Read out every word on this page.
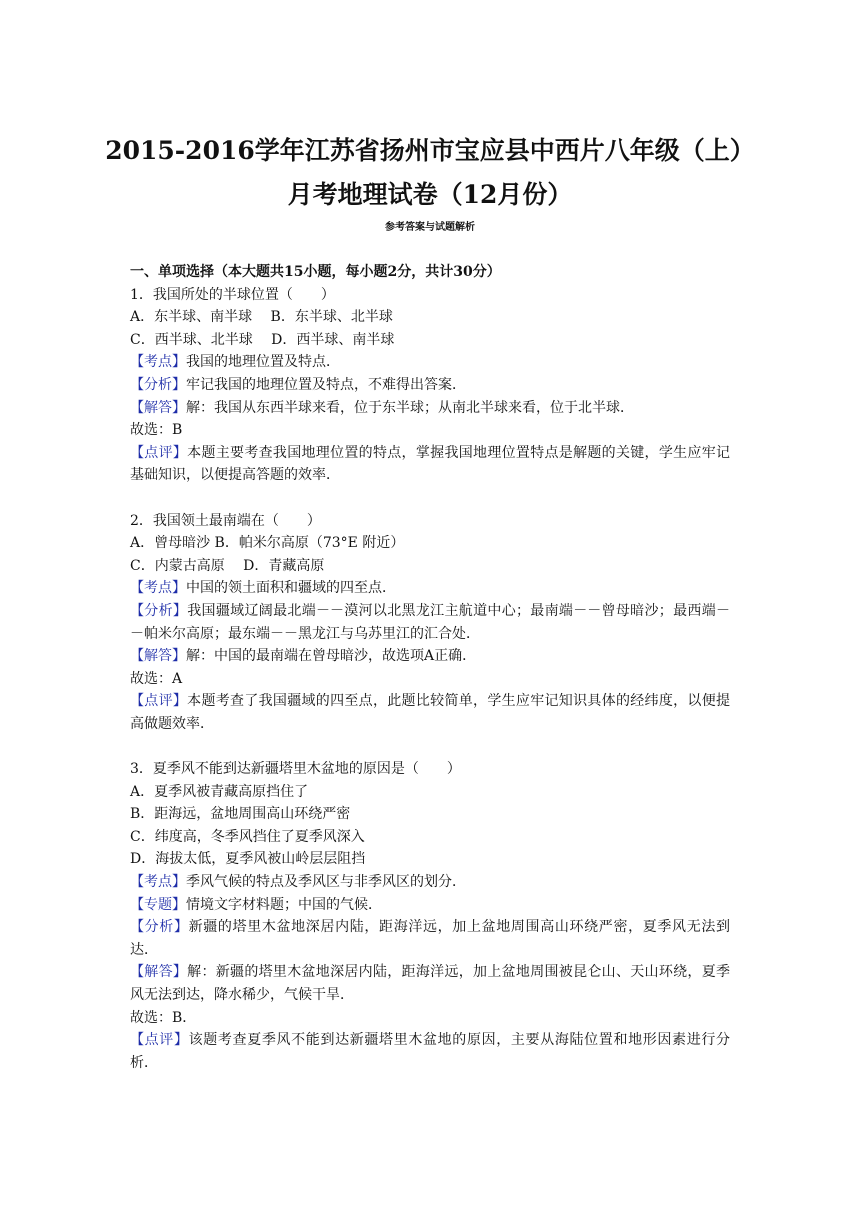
2015-2016学年江苏省扬州市宝应县中西片八年级（上）
月考地理试卷（12月份）

参考答案与试题解析

一、单项选择（本大题共15小题，每小题2分，共计30分）

1．我国所处的半球位置（　　）

A．东半球、南半球　 B．东半球、北半球

C．西半球、北半球　 D．西半球、南半球

【考点】我国的地理位置及特点．

【分析】牢记我国的地理位置及特点，不难得出答案．

【解答】解：我国从东西半球来看，位于东半球；从南北半球来看，位于北半球．

故选：B

【点评】本题主要考查我国地理位置的特点，掌握我国地理位置特点是解题的关键，学生应牢记基础知识，以便提高答题的效率．

2．我国领土最南端在（　　）

A．曾母暗沙 B．帕米尔高原（73°E 附近）

C．内蒙古高原　 D．青藏高原

【考点】中国的领土面积和疆域的四至点．

【分析】我国疆域辽阔最北端－－漠河以北黑龙江主航道中心；最南端－－曾母暗沙；最西端－－帕米尔高原；最东端－－黑龙江与乌苏里江的汇合处．

【解答】解：中国的最南端在曾母暗沙，故选项A正确．

故选：A

【点评】本题考查了我国疆域的四至点，此题比较简单，学生应牢记知识具体的经纬度，以便提高做题效率．

3．夏季风不能到达新疆塔里木盆地的原因是（　　）

A．夏季风被青藏高原挡住了

B．距海远，盆地周围高山环绕严密

C．纬度高，冬季风挡住了夏季风深入

D．海拔太低，夏季风被山岭层层阻挡

【考点】季风气候的特点及季风区与非季风区的划分．

【专题】情境文字材料题；中国的气候．

【分析】新疆的塔里木盆地深居内陆，距海洋远，加上盆地周围高山环绕严密，夏季风无法到达．

【解答】解：新疆的塔里木盆地深居内陆，距海洋远，加上盆地周围被昆仑山、天山环绕，夏季风无法到达，降水稀少，气候干旱．

故选：B．

【点评】该题考查夏季风不能到达新疆塔里木盆地的原因，主要从海陆位置和地形因素进行分析．
